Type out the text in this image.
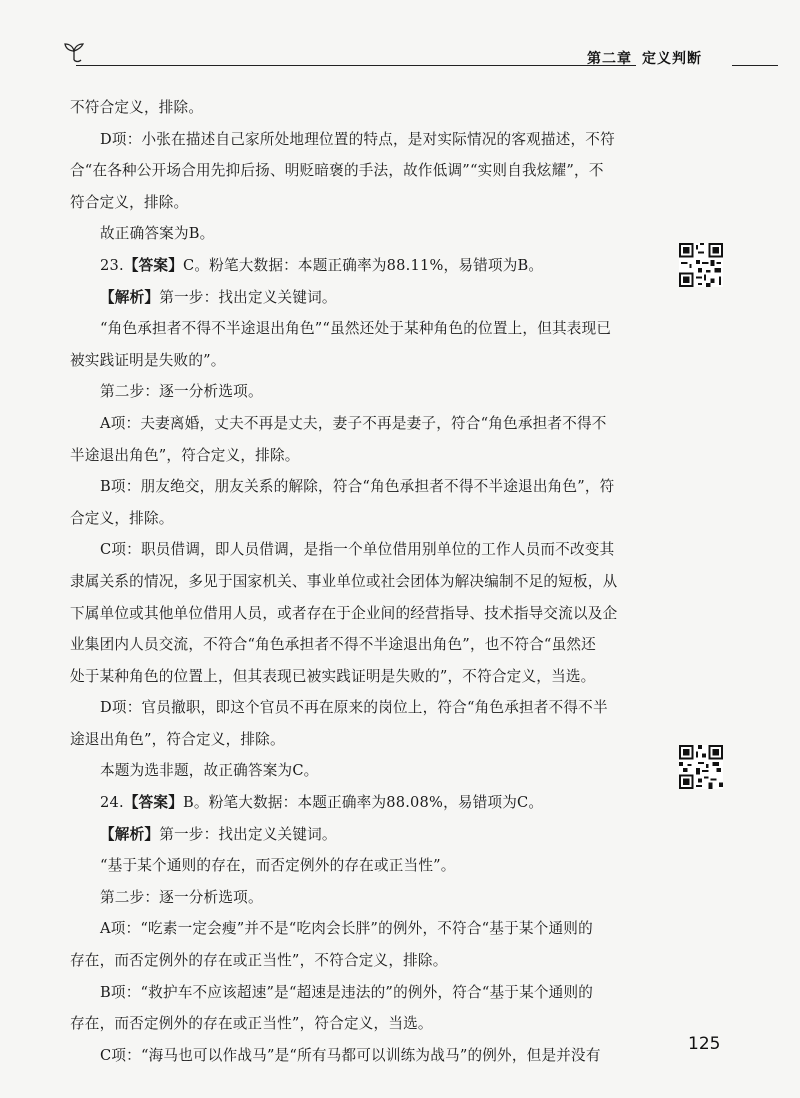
第二章 定义判断
不符合定义，排除。
D项：小张在描述自己家所处地理位置的特点，是对实际情况的客观描述，不符
合“在各种公开场合用先抑后扬、明贬暗褒的手法，故作低调”“实则自我炫耀”，不
符合定义，排除。
故正确答案为B。
23.【答案】C。粉笔大数据：本题正确率为88.11%，易错项为B。
【解析】第一步：找出定义关键词。
“角色承担者不得不半途退出角色”“虽然还处于某种角色的位置上，但其表现已
被实践证明是失败的”。
第二步：逐一分析选项。
A项：夫妻离婚，丈夫不再是丈夫，妻子不再是妻子，符合“角色承担者不得不
半途退出角色”，符合定义，排除。
B项：朋友绝交，朋友关系的解除，符合“角色承担者不得不半途退出角色”，符
合定义，排除。
C项：职员借调，即人员借调，是指一个单位借用别单位的工作人员而不改变其
隶属关系的情况，多见于国家机关、事业单位或社会团体为解决编制不足的短板，从
下属单位或其他单位借用人员，或者存在于企业间的经营指导、技术指导交流以及企
业集团内人员交流，不符合“角色承担者不得不半途退出角色”，也不符合“虽然还
处于某种角色的位置上，但其表现已被实践证明是失败的”，不符合定义，当选。
D项：官员撤职，即这个官员不再在原来的岗位上，符合“角色承担者不得不半
途退出角色”，符合定义，排除。
本题为选非题，故正确答案为C。
24.【答案】B。粉笔大数据：本题正确率为88.08%，易错项为C。
【解析】第一步：找出定义关键词。
“基于某个通则的存在，而否定例外的存在或正当性”。
第二步：逐一分析选项。
A项：“吃素一定会瘦”并不是“吃肉会长胖”的例外，不符合“基于某个通则的
存在，而否定例外的存在或正当性”，不符合定义，排除。
B项：“救护车不应该超速”是“超速是违法的”的例外，符合“基于某个通则的
存在，而否定例外的存在或正当性”，符合定义，当选。
C项：“海马也可以作战马”是“所有马都可以训练为战马”的例外，但是并没有
125
